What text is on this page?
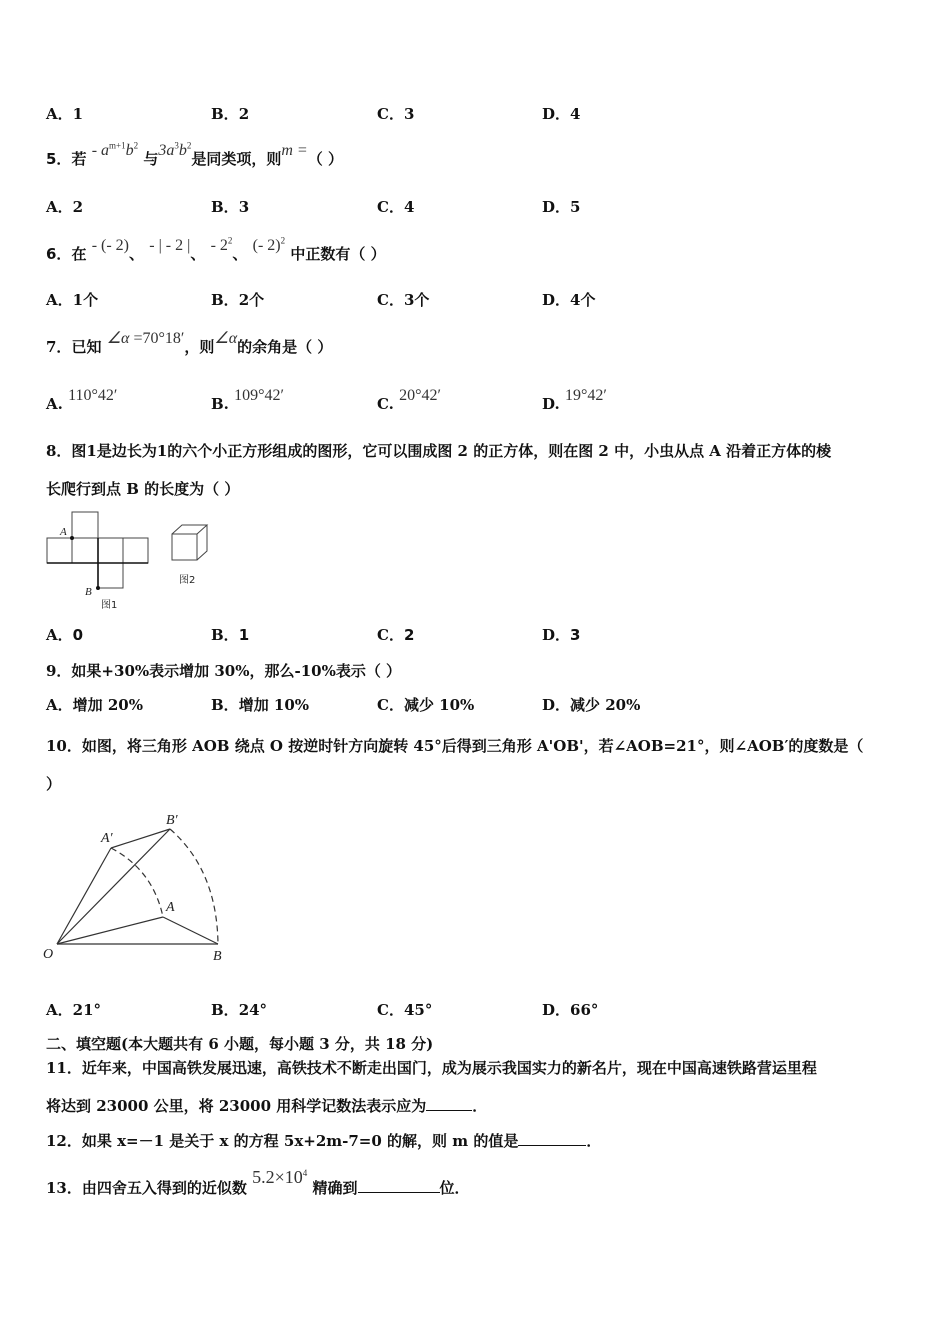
A．1	B．2	C．3	D．4
5．若 - $a^{m+1}b^2$ 与$3a^3b^2$是同类项，则m =（ ）
A．2	B．3	C．4	D．5
6．在 - (- 2)、 - | - 2 |、 - $2^2$、 (- 2)$^2$ 中正数有（ ）
A．1个	B．2个	C．3个	D．4个
7．已知 ∠α =70°18′，则∠α的余角是（ ）
A. 110°42′	B. 109°42′	C. 20°42′	D. 19°42′
8．图1是边长为1的六个小正方形组成的图形，它可以围成图 2 的正方体，则在图 2 中，小虫从点 A 沿着正方体的棱
长爬行到点 B 的长度为（ ）
A
B
图1
图2
A．0	B．1	C．2	D．3
9．如果+30%表示增加 30%，那么-10%表示（ ）
A．增加 20%	B．增加 10%	C．减少 10%	D．减少 20%
10．如图，将三角形 AOB 绕点 O 按逆时针方向旋转 45°后得到三角形 A'OB'，若∠AOB=21°，则∠AOB′的度数是（
）
O	B
A
A′
B′
A．21°	B．24°	C．45°	D．66°
二、填空题(本大题共有 6 小题，每小题 3 分，共 18 分)
11．近年来，中国高铁发展迅速，高铁技术不断走出国门，成为展示我国实力的新名片，现在中国高速铁路营运里程
将达到 23000 公里，将 23000 用科学记数法表示应为	．
12．如果 x=－1 是关于 x 的方程 5x+2m-7=0 的解，则 m 的值是	．
13．由四舍五入得到的近似数 $5.2\times 10^4$ 精确到	位．
